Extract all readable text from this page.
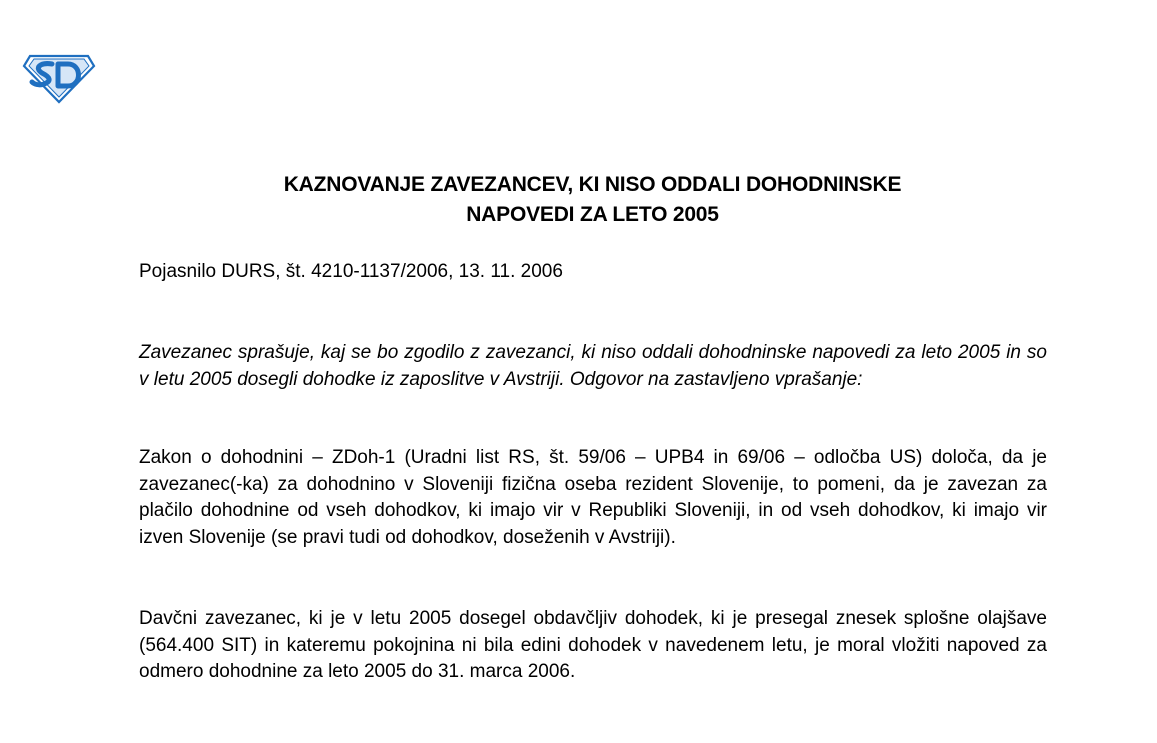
KAZNOVANJE ZAVEZANCEV, KI NISO ODDALI DOHODNINSKE
NAPOVEDI ZA LETO 2005
Pojasnilo DURS, št. 4210-1137/2006, 13. 11. 2006
Zavezanec sprašuje, kaj se bo zgodilo z zavezanci, ki niso oddali dohodninske napovedi za leto 2005 in so v letu 2005 dosegli dohodke iz zaposlitve v Avstriji. Odgovor na zastavljeno vprašanje:
Zakon o dohodnini – ZDoh-1 (Uradni list RS, št. 59/06 – UPB4 in 69/06 – odločba US) določa, da je zavezanec(-ka) za dohodnino v Sloveniji fizična oseba rezident Slovenije, to pomeni, da je zavezan za plačilo dohodnine od vseh dohodkov, ki imajo vir v Republiki Sloveniji, in od vseh dohodkov, ki imajo vir izven Slovenije (se pravi tudi od dohodkov, doseženih v Avstriji).
Davčni zavezanec, ki je v letu 2005 dosegel obdavčljiv dohodek, ki je presegal znesek splošne olajšave (564.400 SIT) in kateremu pokojnina ni bila edini dohodek v navedenem letu, je moral vložiti napoved za odmero dohodnine za leto 2005 do 31. marca 2006.
